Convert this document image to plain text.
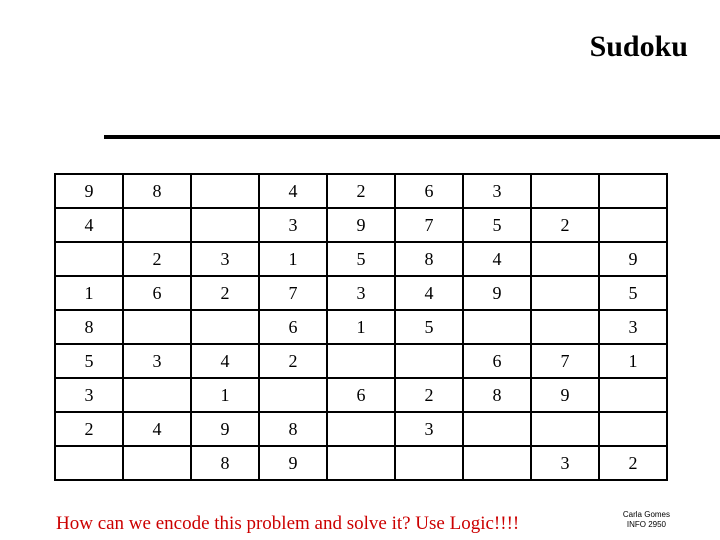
Sudoku
9	8		4	2	6	3		
4			3	9	7	5	2	
	2	3	1	5	8	4		9
1	6	2	7	3	4	9		5
8			6	1	5			3
5	3	4	2			6	7	1
3		1		6	2	8	9	
2	4	9	8		3			
		8	9				3	2
How can we encode this problem and solve it? Use Logic!!!!	Carla Gomes
INFO 2950
